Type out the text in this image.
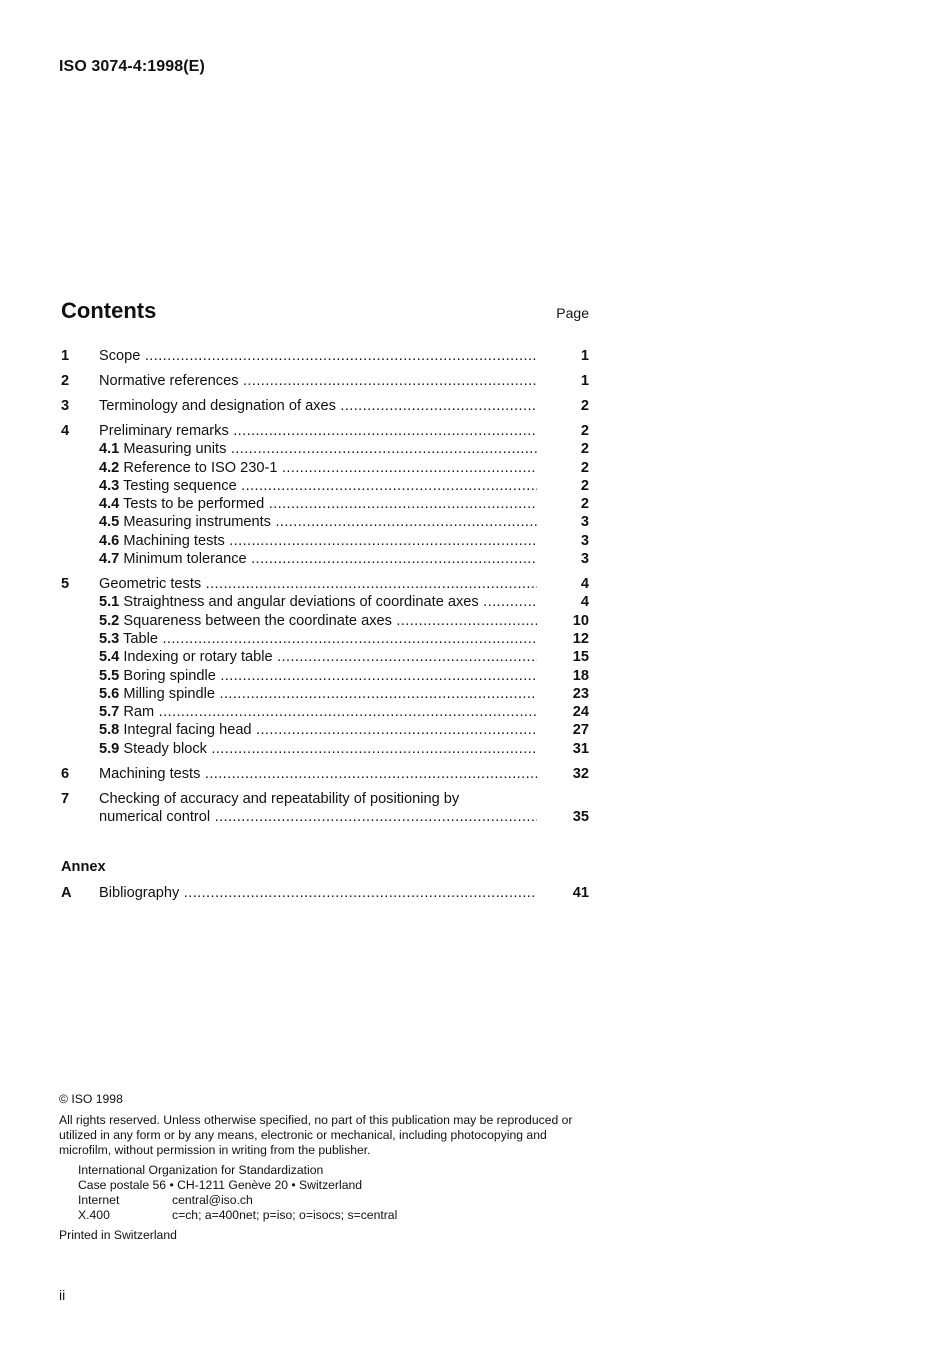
ISO 3074-4:1998(E)
Contents	Page
1	Scope .....	1
2	Normative references .....	1
3	Terminology and designation of axes .....	2
4	Preliminary remarks .....	2
4.1 Measuring units .....	2
4.2 Reference to ISO 230-1 .....	2
4.3 Testing sequence .....	2
4.4 Tests to be performed .....	2
4.5 Measuring instruments .....	3
4.6 Machining tests .....	3
4.7 Minimum tolerance .....	3
5	Geometric tests .....	4
5.1 Straightness and angular deviations of coordinate axes .....	4
5.2 Squareness between the coordinate axes .....	10
5.3 Table .....	12
5.4 Indexing or rotary table .....	15
5.5 Boring spindle .....	18
5.6 Milling spindle .....	23
5.7 Ram .....	24
5.8 Integral facing head .....	27
5.9 Steady block .....	31
6	Machining tests .....	32
7	Checking of accuracy and repeatability of positioning by
numerical control .....	35
Annex
A	Bibliography .....	41

© ISO 1998

All rights reserved. Unless otherwise specified, no part of this publication may be reproduced or utilized in any form or by any means, electronic or mechanical, including photocopying and microfilm, without permission in writing from the publisher.

International Organization for Standardization

Case postale 56 • CH-1211 Genève 20 • Switzerland

Internet	central@iso.ch
X.400	c=ch; a=400net; p=iso; o=isocs; s=central

Printed in Switzerland

ii
